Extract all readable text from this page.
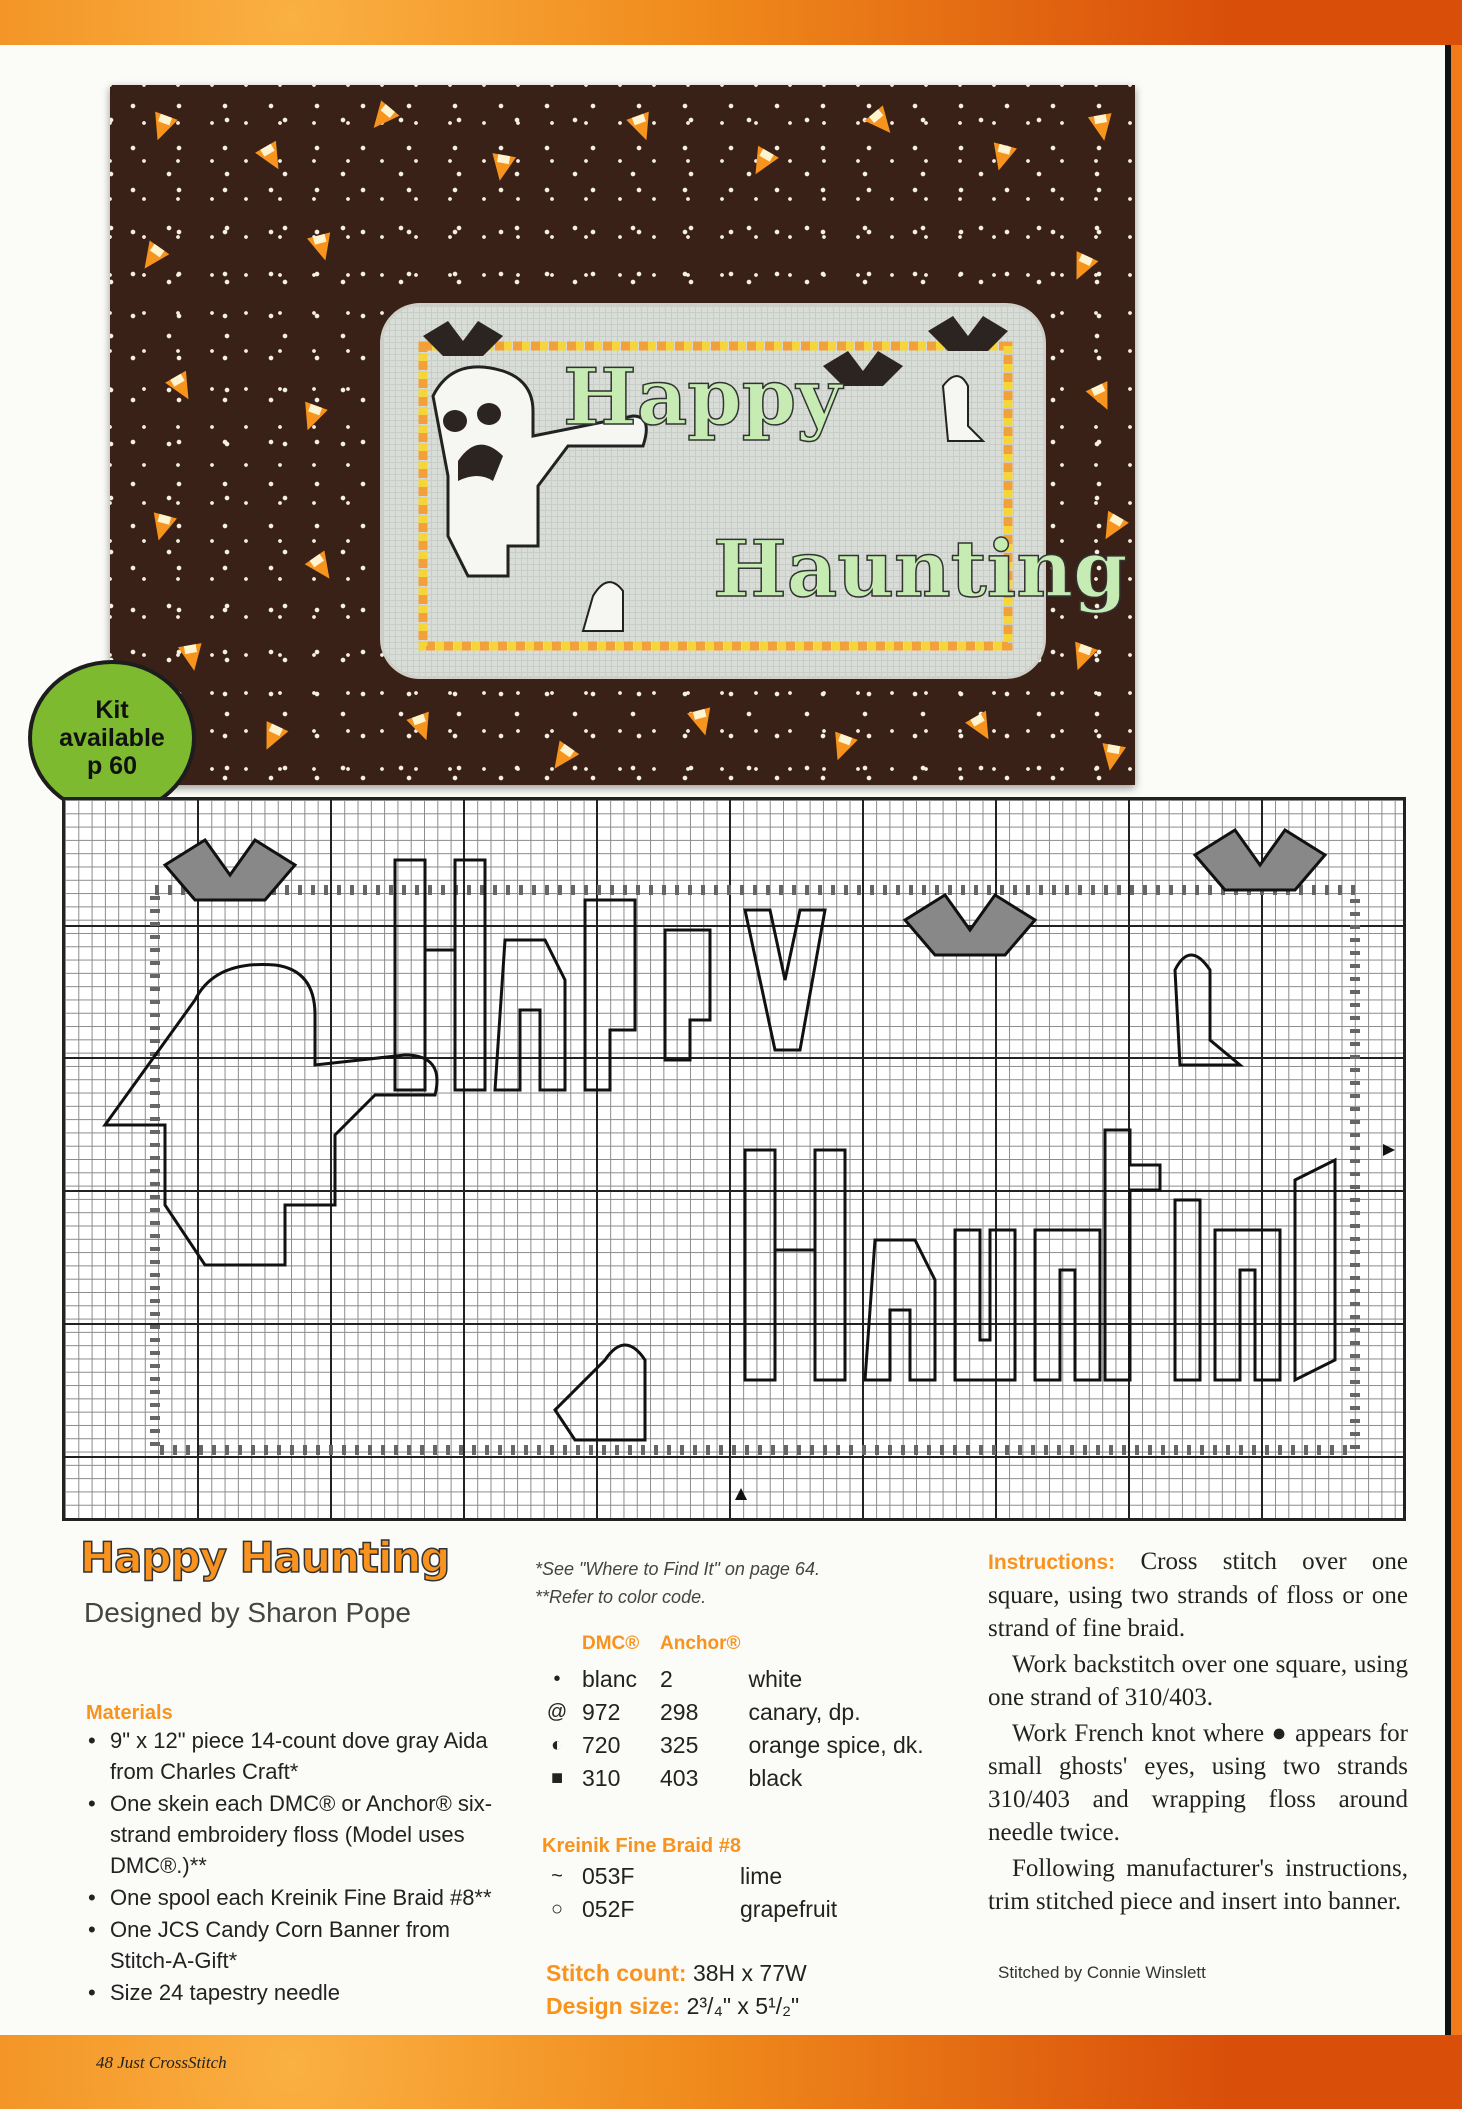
Happy
Haunting
Kit
available
p 60
Happy Haunting
Designed by Sharon Pope
Materials
• 9" x 12" piece 14-count dove gray Aida from Charles Craft*
• One skein each DMC® or Anchor® six-strand embroidery floss (Model uses DMC®.)**
• One spool each Kreinik Fine Braid #8**
• One JCS Candy Corn Banner from Stitch-A-Gift*
• Size 24 tapestry needle
*See "Where to Find It" on page 64.
**Refer to color code.
	DMC®	Anchor®	
•	blanc	2	white
@	972	298	canary, dp.
◐	720	325	orange spice, dk.
■	310	403	black
Kreinik Fine Braid #8
~	053F	lime
○	052F	grapefruit
Stitch count: 38H x 77W
Design size: 2³/₄" x 5¹/₂"

Instructions: Cross stitch over one square, using two strands of floss or one strand of fine braid.

Work backstitch over one square, using one strand of 310/403.

Work French knot where ● appears for small ghosts' eyes, using two strands 310/403 and wrapping floss around needle twice.

Following manufacturer's instructions, trim stitched piece and insert into banner.

Stitched by Connie Winslett
48 Just CrossStitch
